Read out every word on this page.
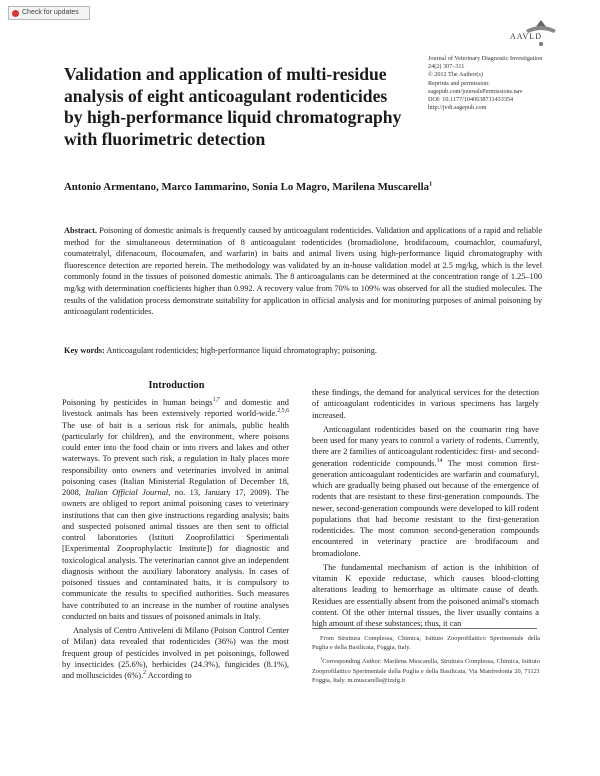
Check for updates
AAVLD
Journal of Veterinary Diagnostic Investigation
24(2) 307–311
© 2012 The Author(s)
Reprints and permission:
sagepub.com/journalsPermissions.nav
DOI: 10.1177/1040638711433354
http://jvdi.sagepub.com
Validation and application of multi-residue analysis of eight anticoagulant rodenticides by high-performance liquid chromatography with fluorimetric detection
Antonio Armentano, Marco Iammarino, Sonia Lo Magro, Marilena Muscarella$^1$

Abstract. Poisoning of domestic animals is frequently caused by anticoagulant rodenticides. Validation and applications of a rapid and reliable method for the simultaneous determination of 8 anticoagulant rodenticides (bromadiolone, brodifacoum, coumachlor, coumafuryl, coumatetralyl, difenacoum, flocoumafen, and warfarin) in baits and animal livers using high-performance liquid chromatography with fluorescence detection are reported herein. The methodology was validated by an in-house validation model at 2.5 mg/kg, which is the level commonly found in the tissues of poisoned domestic animals. The 8 anticoagulants can be determined at the concentration range of 1.25–100 mg/kg with determination coefficients higher than 0.992. A recovery value from 70% to 109% was observed for all the studied molecules. The results of the validation process demonstrate suitability for application in official analysis and for monitoring purposes of animal poisoning by anticoagulant rodenticides.

Key words: Anticoagulant rodenticides; high-performance liquid chromatography; poisoning.
Introduction

Poisoning by pesticides in human beings$^{1,7}$ and domestic and livestock animals has been extensively reported world-wide.$^{2,5,6}$ The use of bait is a serious risk for animals, public health (particularly for children), and the environment, where poisons could enter into the food chain or into rivers and lakes and other waterways. To prevent such risk, a regulation in Italy places more responsibility onto owners and veterinaries involved in animal poisoning cases (Italian Ministerial Regulation of December 18, 2008, Italian Official Journal, no. 13, January 17, 2009). The owners are obliged to report animal poisoning cases to veterinary institutions that can then give instructions regarding analysis; baits and suspected poisoned animal tissues are then sent to official control laboratories (Istituti Zooprofilattici Sperimentali [Experimental Zooprophylactic Institute]) for diagnostic and toxicological analysis. The veterinarian cannot give an independent diagnosis without the auxiliary laboratory analysis. In cases of poisoned tissues and contaminated baits, it is compulsory to communicate the results to specified authorities. Such measures have contributed to an increase in the number of routine analyses conducted on baits and tissues of poisoned animals in Italy.

Analysis of Centro Antiveleni di Milano (Poison Control Center of Milan) data revealed that rodenticides (36%) was the most frequent group of pesticides involved in pet poisonings, followed by insecticides (25.6%), herbicides (24.3%), fungicides (8.1%), and molluscicides (6%).$^2$ According to

these findings, the demand for analytical services for the detection of anticoagulant rodenticides in various specimens has largely increased.

Anticoagulant rodenticides based on the coumarin ring have been used for many years to control a variety of rodents. Currently, there are 2 families of anticoagulant rodenticides: first- and second-generation rodenticide compounds.$^{14}$ The most common first-generation anticoagulant rodenticides are warfarin and coumafuryl, which are gradually being phased out because of the emergence of rodents that are resistant to these first-generation compounds. The newer, second-generation compounds were developed to kill rodent populations that had become resistant to the first-generation rodenticides. The most common second-generation compounds encountered in veterinary practice are brodifacoum and bromadiolone.

The fundamental mechanism of action is the inhibition of vitamin K epoxide reductase, which causes blood-clotting alterations leading to hemorrhage as ultimate cause of death. Residues are essentially absent from the poisoned animal's stomach content. Of the other internal tissues, the liver usually contains a high amount of these substances; thus, it can

From Struttura Complessa, Chimica, Istituto Zooprofilattico Sperimentale della Puglia e della Basilicata, Foggia, Italy.

$^1$Corresponding Author: Marilena Muscarella, Struttura Complessa, Chimica, Istituto Zooprofilattico Sperimentale della Puglia e della Basilicata, Via Manfredonia 20, 71121 Foggia, Italy. m.muscarella@izsfg.it
